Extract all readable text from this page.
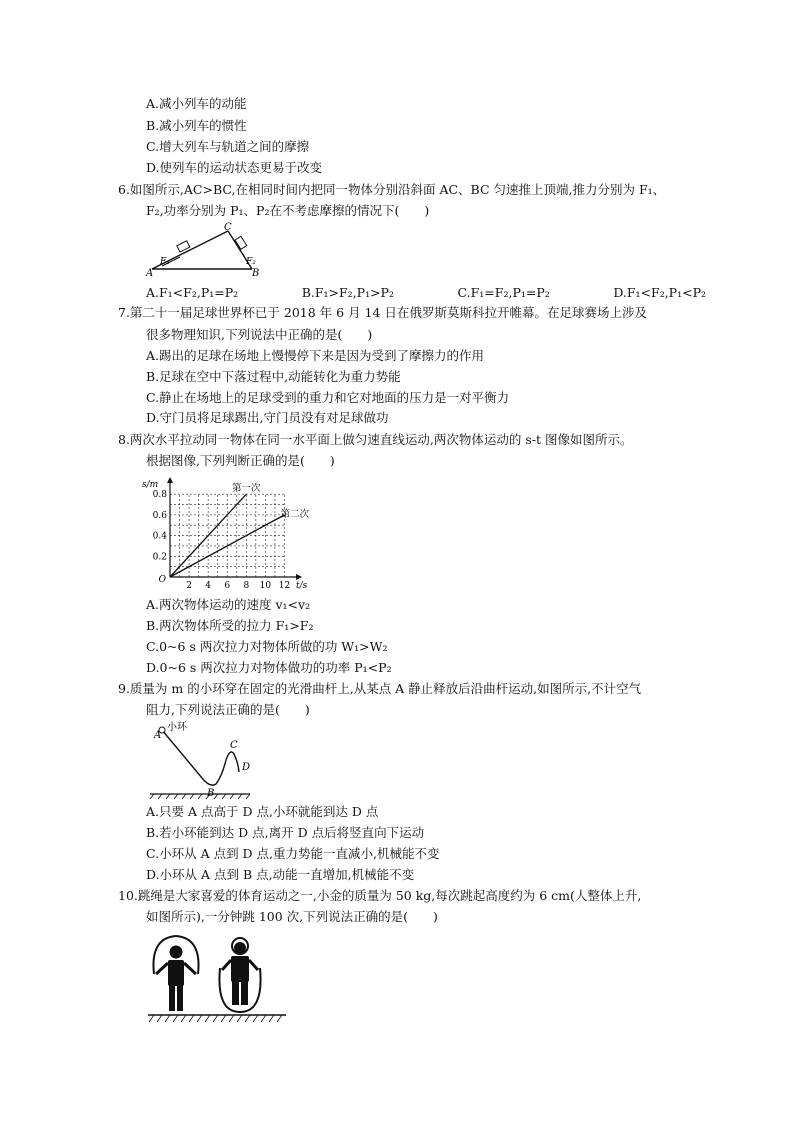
A.减小列车的动能
B.减小列车的惯性
C.增大列车与轨道之间的摩擦
D.使列车的运动状态更易于改变
6.如图所示,AC>BC,在相同时间内把同一物体分别沿斜面 AC、BC 匀速推上顶端,推力分别为 F₁、
F₂,功率分别为 P₁、P₂在不考虑摩擦的情况下(　　)
A	B
C
F₁	F₂
A.F₁<F₂,P₁=P₂	B.F₁>F₂,P₁>P₂	C.F₁=F₂,P₁=P₂	D.F₁<F₂,P₁<P₂
7.第二十一届足球世界杯已于 2018 年 6 月 14 日在俄罗斯莫斯科拉开帷幕。在足球赛场上涉及
很多物理知识,下列说法中正确的是(　　)
A.踢出的足球在场地上慢慢停下来是因为受到了摩擦力的作用
B.足球在空中下落过程中,动能转化为重力势能
C.静止在场地上的足球受到的重力和它对地面的压力是一对平衡力
D.守门员将足球踢出,守门员没有对足球做功
8.两次水平拉动同一物体在同一水平面上做匀速直线运动,两次物体运动的 s-t 图像如图所示。
根据图像,下列判断正确的是(　　)
2 4 6 8 10 12
0.2
0.4
0.6
0.8
O
t/s
s/m	第一次
第二次
A.两次物体运动的速度 v₁<v₂
B.两次物体所受的拉力 F₁>F₂
C.0~6 s 两次拉力对物体所做的功 W₁>W₂
D.0~6 s 两次拉力对物体做功的功率 P₁<P₂
9.质量为 m 的小环穿在固定的光滑曲杆上,从某点 A 静止释放后沿曲杆运动,如图所示,不计空气
阻力,下列说法正确的是(　　)
A
小环
B
C
D
A.只要 A 点高于 D 点,小环就能到达 D 点
B.若小环能到达 D 点,离开 D 点后将竖直向下运动
C.小环从 A 点到 D 点,重力势能一直减小,机械能不变
D.小环从 A 点到 B 点,动能一直增加,机械能不变
10.跳绳是大家喜爱的体育运动之一,小金的质量为 50 kg,每次跳起高度约为 6 cm(人整体上升,
如图所示),一分钟跳 100 次,下列说法正确的是(　　)
